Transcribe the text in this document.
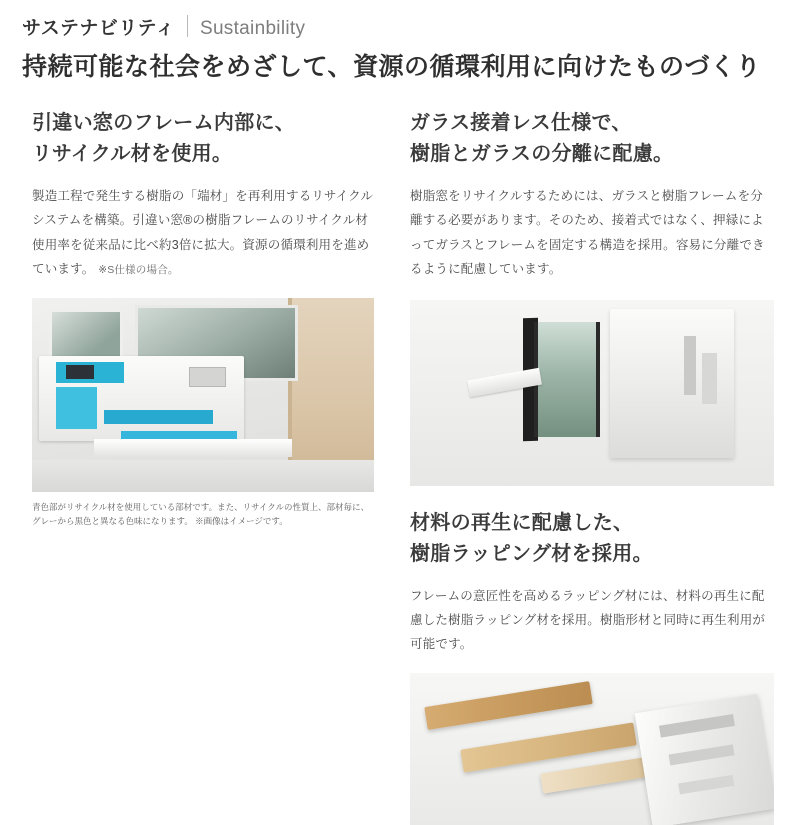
サステナビリティ Sustainbility
持続可能な社会をめざして、資源の循環利用に向けたものづくり
引違い窓のフレーム内部に、
リサイクル材を使用。
製造工程で発生する樹脂の「端材」を再利用するリサイクルシステムを構築。引違い窓®の樹脂フレームのリサイクル材使用率を従来品に比べ約3倍に拡大。資源の循環利用を進めています。 ※S仕様の場合。
青色部がリサイクル材を使用している部材です。また、リサイクルの性質上、部材毎に、グレーから黒色と異なる色味になります。 ※画像はイメージです。
ガラス接着レス仕様で、
樹脂とガラスの分離に配慮。
樹脂窓をリサイクルするためには、ガラスと樹脂フレームを分離する必要があります。そのため、接着式ではなく、押縁によってガラスとフレームを固定する構造を採用。容易に分離できるように配慮しています。
材料の再生に配慮した、
樹脂ラッピング材を採用。
フレームの意匠性を高めるラッピング材には、材料の再生に配慮した樹脂ラッピング材を採用。樹脂形材と同時に再生利用が可能です。
